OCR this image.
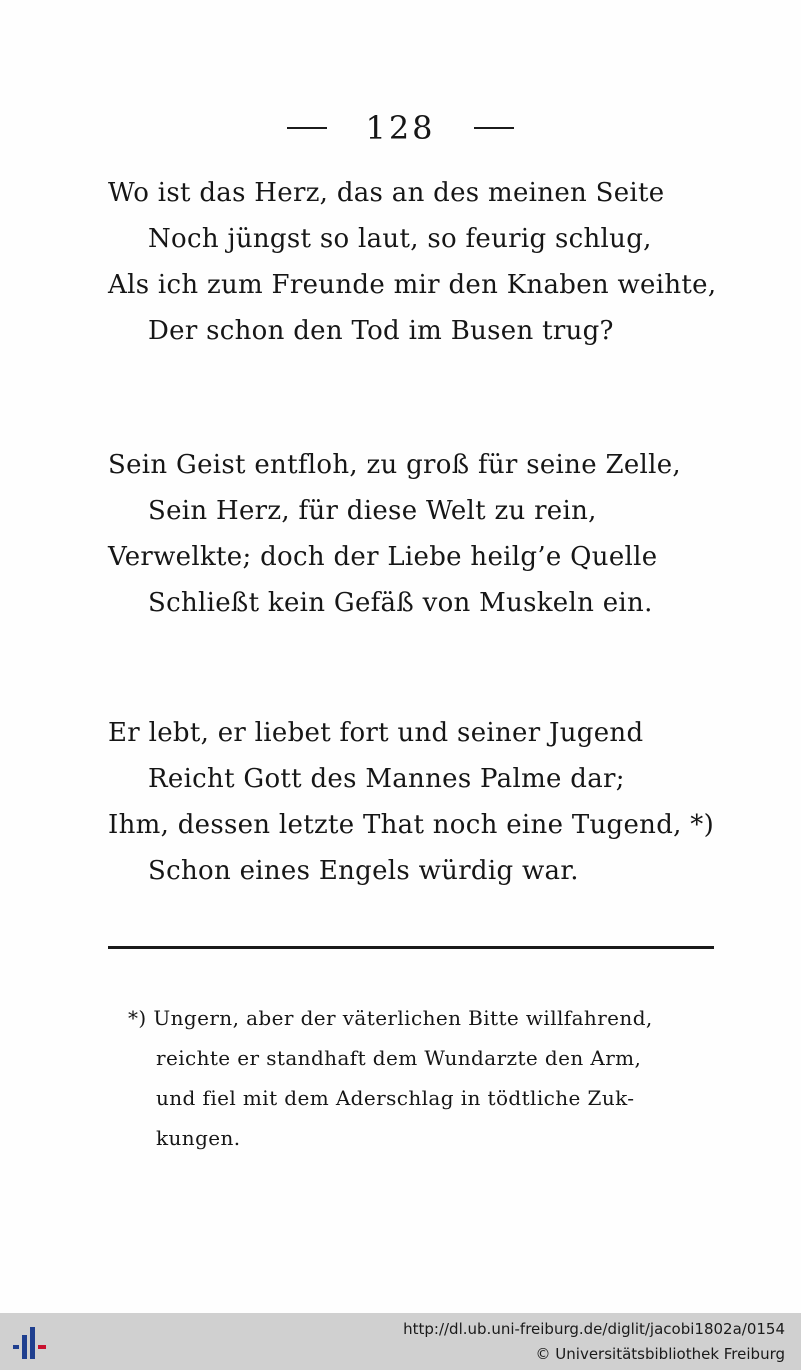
128
Wo ist das Herz, das an des meinen Seite
Noch jüngst so laut, so feurig schlug,
Als ich zum Freunde mir den Knaben weihte,
Der schon den Tod im Busen trug?
Sein Geist entfloh, zu groß für seine Zelle,
Sein Herz, für diese Welt zu rein,
Verwelkte; doch der Liebe heilg’e Quelle
Schließt kein Gefäß von Muskeln ein.
Er lebt, er liebet fort und seiner Jugend
Reicht Gott des Mannes Palme dar;
Ihm, dessen letzte That noch eine Tugend, *)
Schon eines Engels würdig war.
*) Ungern, aber der väterlichen Bitte willfahrend,
reichte er standhaft dem Wundarzte den Arm,
und fiel mit dem Aderschlag in tödtliche Zuk-
kungen.
http://dl.ub.uni-freiburg.de/diglit/jacobi1802a/0154
© Universitätsbibliothek Freiburg
